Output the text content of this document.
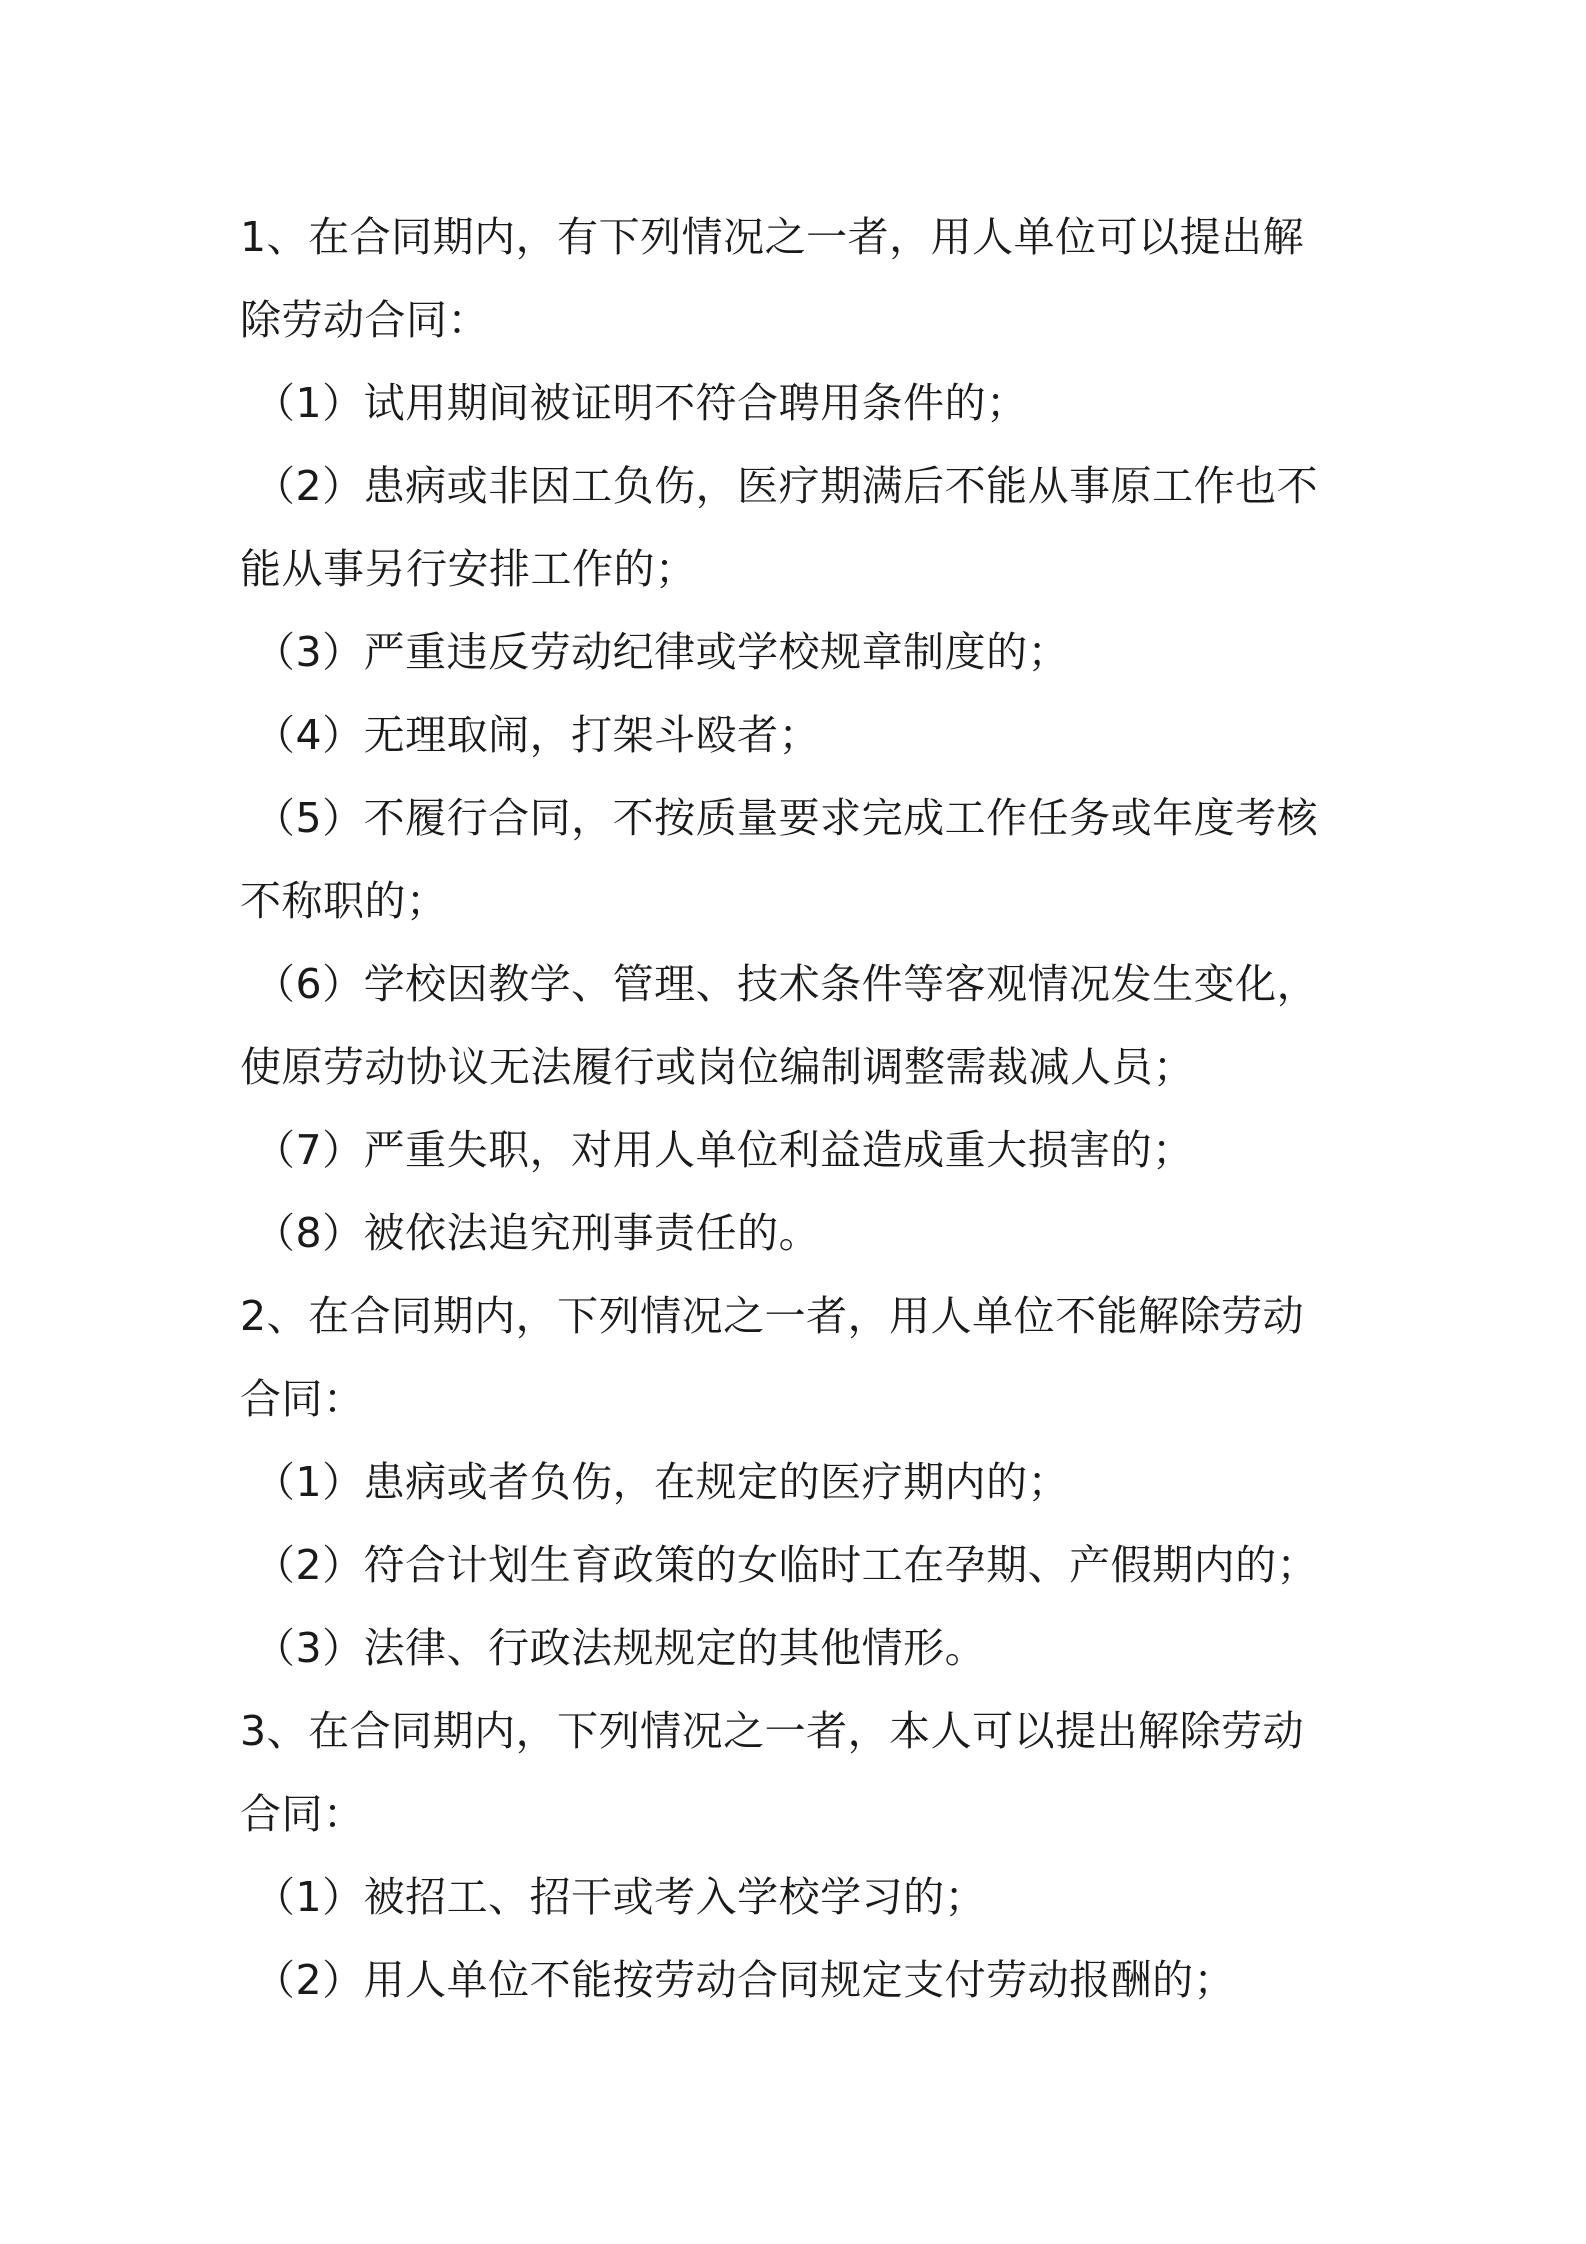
1、在合同期内，有下列情况之一者，用人单位可以提出解
除劳动合同：
（1）试用期间被证明不符合聘用条件的；
（2）患病或非因工负伤，医疗期满后不能从事原工作也不
能从事另行安排工作的；
（3）严重违反劳动纪律或学校规章制度的；
（4）无理取闹，打架斗殴者；
（5）不履行合同，不按质量要求完成工作任务或年度考核
不称职的；
（6）学校因教学、管理、技术条件等客观情况发生变化，
使原劳动协议无法履行或岗位编制调整需裁减人员；
（7）严重失职，对用人单位利益造成重大损害的；
（8）被依法追究刑事责任的。
2、在合同期内，下列情况之一者，用人单位不能解除劳动
合同：
（1）患病或者负伤，在规定的医疗期内的；
（2）符合计划生育政策的女临时工在孕期、产假期内的；
（3）法律、行政法规规定的其他情形。
3、在合同期内，下列情况之一者，本人可以提出解除劳动
合同：
（1）被招工、招干或考入学校学习的；
（2）用人单位不能按劳动合同规定支付劳动报酬的；
